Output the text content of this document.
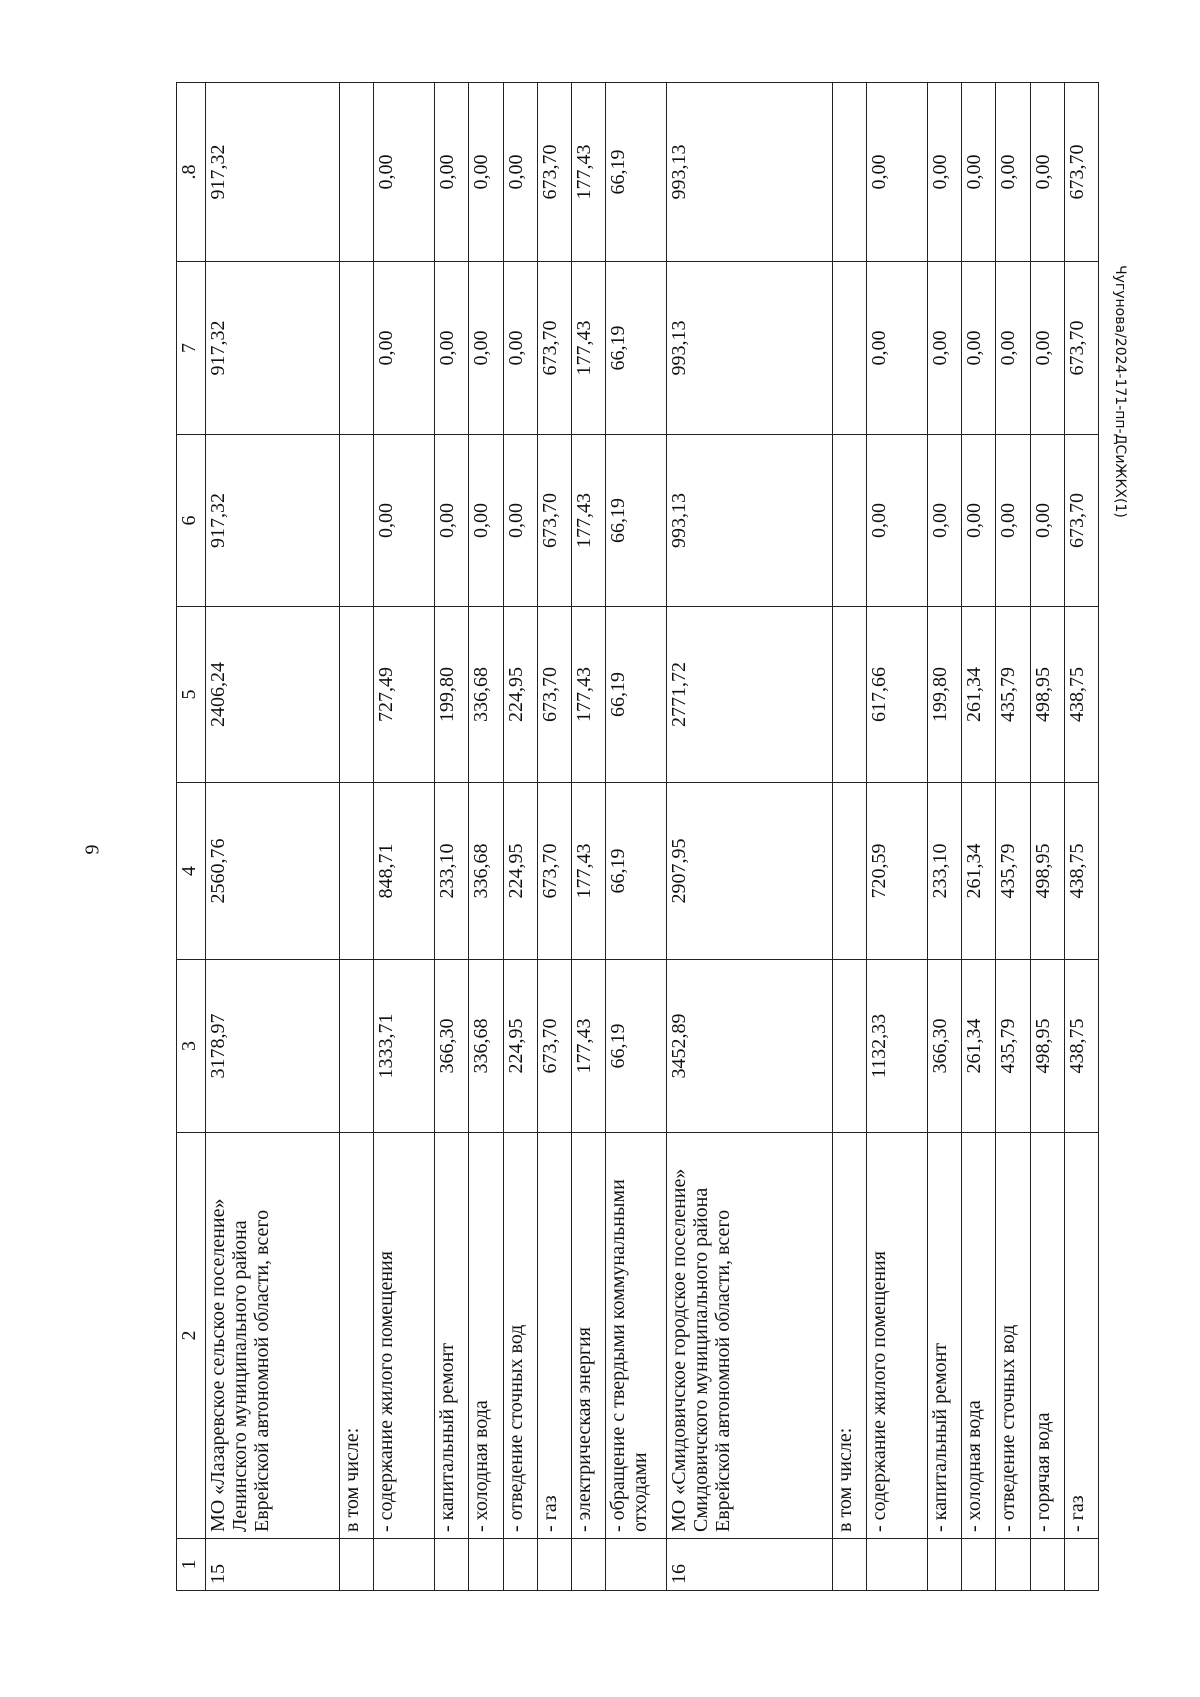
9
Чугунова/2024-171-пп-ДСиЖКХ(1)
1	2	3	4	5	6	7	.8
15	МО «Лазаревское сельское поселение» Ленинского муниципального района Еврейской автономной области, всего	3178,97	2560,76	2406,24	917,32	917,32	917,32
	в том числе:						
	- содержание жилого помещения	1333,71	848,71	727,49	0,00	0,00	0,00
	- капитальный ремонт	366,30	233,10	199,80	0,00	0,00	0,00
	- холодная вода	336,68	336,68	336,68	0,00	0,00	0,00
	- отведение сточных вод	224,95	224,95	224,95	0,00	0,00	0,00
	- газ	673,70	673,70	673,70	673,70	673,70	673,70
	- электрическая энергия	177,43	177,43	177,43	177,43	177,43	177,43
	- обращение с твердыми коммунальными отходами	66,19	66,19	66,19	66,19	66,19	66,19
16	МО «Смидовичское городское поселение» Смидовичского муниципального района Еврейской автономной области, всего	3452,89	2907,95	2771,72	993,13	993,13	993,13
	в том числе:						
	- содержание жилого помещения	1132,33	720,59	617,66	0,00	0,00	0,00
	- капитальный ремонт	366,30	233,10	199,80	0,00	0,00	0,00
	- холодная вода	261,34	261,34	261,34	0,00	0,00	0,00
	- отведение сточных вод	435,79	435,79	435,79	0,00	0,00	0,00
	- горячая вода	498,95	498,95	498,95	0,00	0,00	0,00
	- газ	438,75	438,75	438,75	673,70	673,70	673,70
